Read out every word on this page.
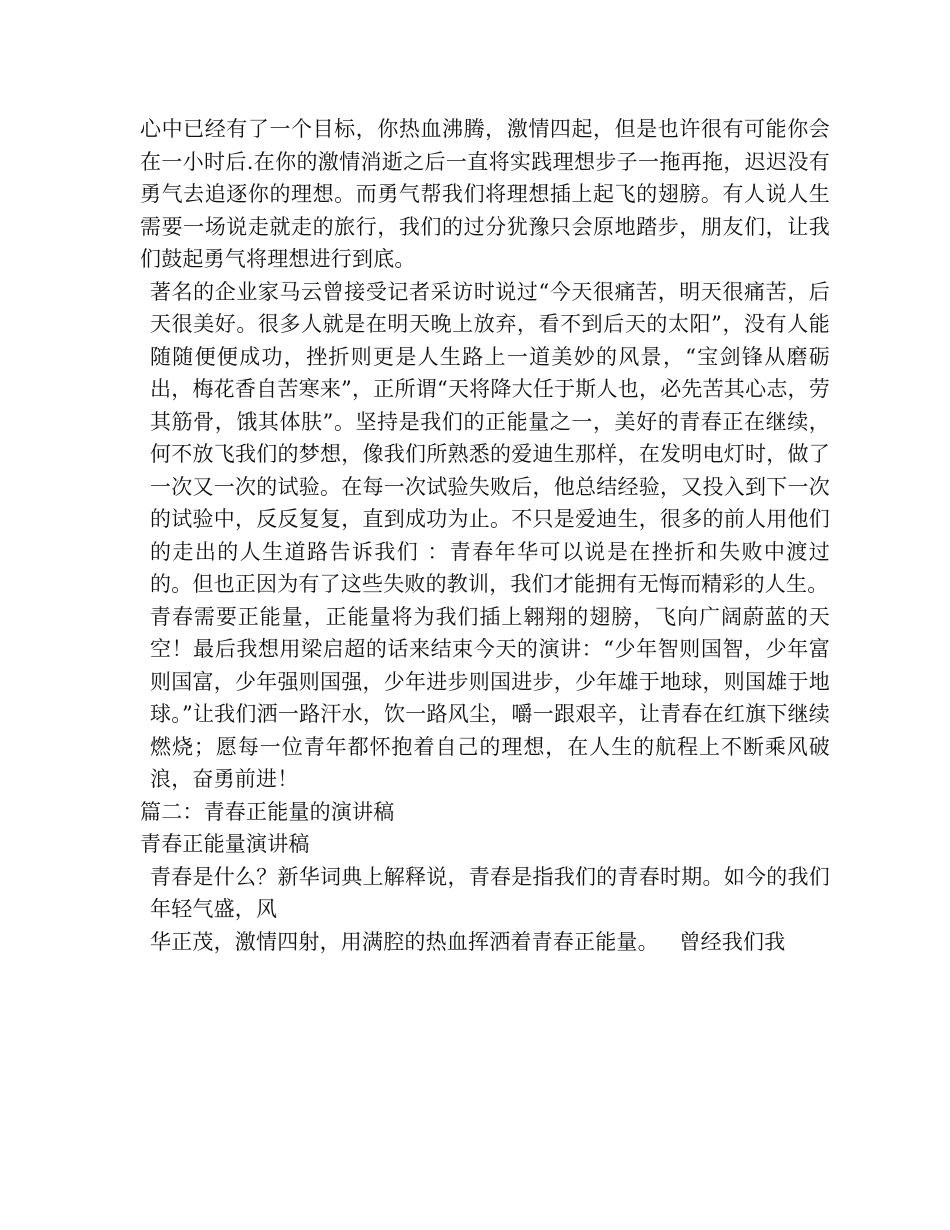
心中已经有了一个目标，你热血沸腾，激情四起，但是也许很有可能你会在一小时后.在你的激情消逝之后一直将实践理想步子一拖再拖，迟迟没有勇气去追逐你的理想。而勇气帮我们将理想插上起飞的翅膀。有人说人生需要一场说走就走的旅行，我们的过分犹豫只会原地踏步，朋友们，让我们鼓起勇气将理想进行到底。

著名的企业家马云曾接受记者采访时说过“今天很痛苦，明天很痛苦，后天很美好。很多人就是在明天晚上放弃，看不到后天的太阳”，没有人能随随便便成功，挫折则更是人生路上一道美妙的风景，“宝剑锋从磨砺出，梅花香自苦寒来”，正所谓“天将降大任于斯人也，必先苦其心志，劳其筋骨，饿其体肤”。坚持是我们的正能量之一，美好的青春正在继续，何不放飞我们的梦想，像我们所熟悉的爱迪生那样，在发明电灯时，做了一次又一次的试验。在每一次试验失败后，他总结经验，又投入到下一次的试验中，反反复复，直到成功为止。不只是爱迪生，很多的前人用他们的走出的人生道路告诉我们 ：青春年华可以说是在挫折和失败中渡过的。但也正因为有了这些失败的教训，我们才能拥有无悔而精彩的人生。

青春需要正能量，正能量将为我们插上翱翔的翅膀，飞向广阔蔚蓝的天空！最后我想用梁启超的话来结束今天的演讲：“少年智则国智，少年富则国富，少年强则国强，少年进步则国进步，少年雄于地球，则国雄于地球。”让我们洒一路汗水，饮一路风尘，嚼一跟艰辛，让青春在红旗下继续燃烧；愿每一位青年都怀抱着自己的理想，在人生的航程上不断乘风破浪，奋勇前进！

篇二：青春正能量的演讲稿

青春正能量演讲稿

青春是什么？新华词典上解释说，青春是指我们的青春时期。如今的我们年轻气盛，风

华正茂，激情四射，用满腔的热血挥洒着青春正能量。   曾经我们我
